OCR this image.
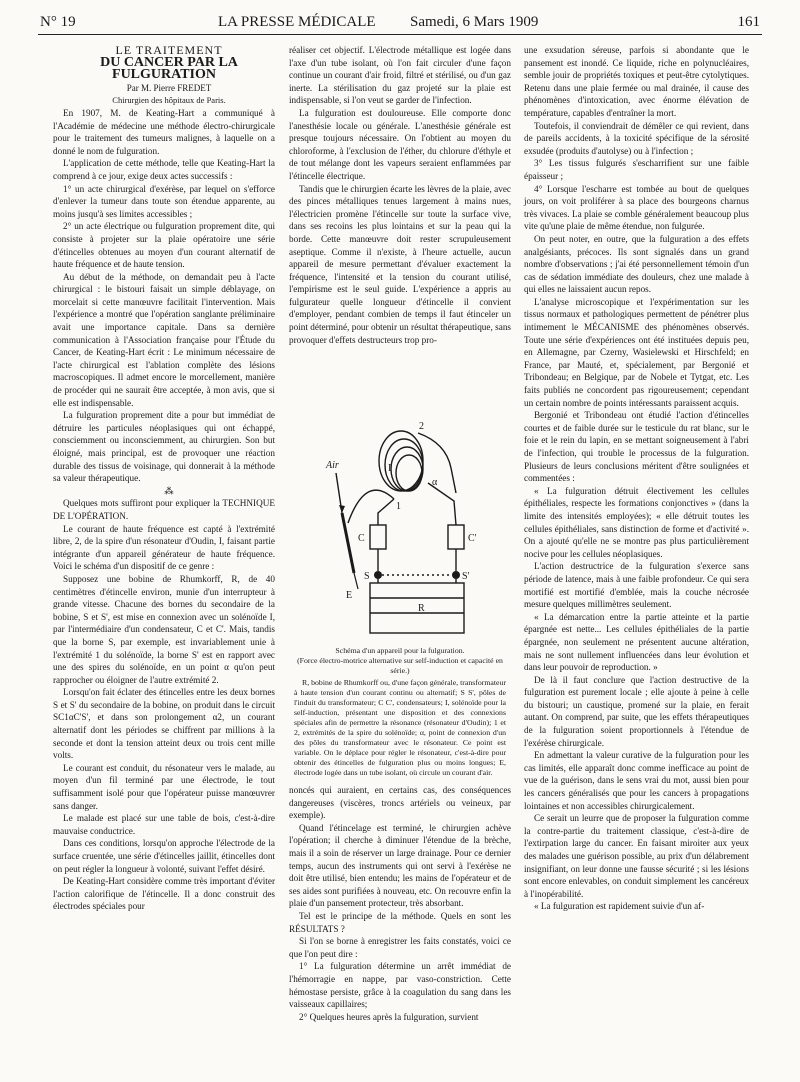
N° 19	LA PRESSE MÉDICALE Samedi, 6 Mars 1909	161

LE TRAITEMENT

DU CANCER PAR LA FULGURATION

Par M. Pierre FREDET

Chirurgien des hôpitaux de Paris.

En 1907, M. de Keating-Hart a communiqué à l'Académie de médecine une méthode électro-chirurgicale pour le traitement des tumeurs malignes, à laquelle on a donné le nom de fulguration.

L'application de cette méthode, telle que Keating-Hart la comprend à ce jour, exige deux actes successifs :

1° un acte chirurgical d'exérèse, par lequel on s'efforce d'enlever la tumeur dans toute son étendue apparente, au moins jusqu'à ses limites accessibles ;

2° un acte électrique ou fulguration proprement dite, qui consiste à projeter sur la plaie opératoire une série d'étincelles obtenues au moyen d'un courant alternatif de haute fréquence et de haute tension.

Au début de la méthode, on demandait peu à l'acte chirurgical : le bistouri faisait un simple déblayage, on morcelait si cette manœuvre facilitait l'intervention. Mais l'expérience a montré que l'opération sanglante préliminaire avait une importance capitale. Dans sa dernière communication à l'Association française pour l'Étude du Cancer, de Keating-Hart écrit : Le minimum nécessaire de l'acte chirurgical est l'ablation complète des lésions macroscopiques. Il admet encore le morcellement, manière de procéder qui ne saurait être acceptée, à mon avis, que si elle est indispensable.

La fulguration proprement dite a pour but immédiat de détruire les particules néoplasiques qui ont échappé, consciemment ou inconsciemment, au chirurgien. Son but éloigné, mais principal, est de provoquer une réaction durable des tissus de voisinage, qui donnerait à la méthode sa valeur thérapeutique.

⁂

Quelques mots suffiront pour expliquer la TECHNIQUE DE L'OPÉRATION.

Le courant de haute fréquence est capté à l'extrémité libre, 2, de la spire d'un résonateur d'Oudin, I, faisant partie intégrante d'un appareil générateur de haute fréquence. Voici le schéma d'un dispositif de ce genre :

Supposez une bobine de Rhumkorff, R, de 40 centimètres d'étincelle environ, munie d'un interrupteur à grande vitesse. Chacune des bornes du secondaire de la bobine, S et S', est mise en connexion avec un solénoïde I, par l'intermédiaire d'un condensateur, C et C'. Mais, tandis que la borne S, par exemple, est invariablement unie à l'extrémité 1 du solénoïde, la borne S' est en rapport avec une des spires du solénoïde, en un point α qu'on peut rapprocher ou éloigner de l'autre extrémité 2.

Lorsqu'on fait éclater des étincelles entre les deux bornes S et S' du secondaire de la bobine, on produit dans le circuit SC1αC'S', et dans son prolongement α2, un courant alternatif dont les périodes se chiffrent par millions à la seconde et dont la tension atteint deux ou trois cent mille volts.

Le courant est conduit, du résonateur vers le malade, au moyen d'un fil terminé par une électrode, le tout suffisamment isolé pour que l'opérateur puisse manœuvrer sans danger.

Le malade est placé sur une table de bois, c'est-à-dire mauvaise conductrice.

Dans ces conditions, lorsqu'on approche l'électrode de la surface cruentée, une série d'étincelles jaillit, étincelles dont on peut régler la longueur à volonté, suivant l'effet désiré.

De Keating-Hart considère comme très important d'éviter l'action calorifique de l'étincelle. Il a donc construit des électrodes spéciales pour

réaliser cet objectif. L'électrode métallique est logée dans l'axe d'un tube isolant, où l'on fait circuler d'une façon continue un courant d'air froid, filtré et stérilisé, ou d'un gaz inerte. La stérilisation du gaz projeté sur la plaie est indispensable, si l'on veut se garder de l'infection.

La fulguration est douloureuse. Elle comporte donc l'anesthésie locale ou générale. L'anesthésie générale est presque toujours nécessaire. On l'obtient au moyen du chloroforme, à l'exclusion de l'éther, du chlorure d'éthyle et de tout mélange dont les vapeurs seraient enflammées par l'étincelle électrique.

Tandis que le chirurgien écarte les lèvres de la plaie, avec des pinces métalliques tenues largement à mains nues, l'électricien promène l'étincelle sur toute la surface vive, dans ses recoins les plus lointains et sur la peau qui la borde. Cette manœuvre doit rester scrupuleusement aseptique. Comme il n'existe, à l'heure actuelle, aucun appareil de mesure permettant d'évaluer exactement la fréquence, l'intensité et la tension du courant utilisé, l'empirisme est le seul guide. L'expérience a appris au fulgurateur quelle longueur d'étincelle il convient d'employer, pendant combien de temps il faut étinceler un point déterminé, pour obtenir un résultat thérapeutique, sans provoquer d'effets destructeurs trop pro-

Air
2
I
α
1
C	C'
S	S'
R
E

Schéma d'un appareil pour la fulguration.

(Force électro-motrice alternative sur self-induction et capacité en série.)

R, bobine de Rhumkorff ou, d'une façon générale, transformateur à haute tension d'un courant continu ou alternatif; S S', pôles de l'induit du transformateur; C C', condensateurs; I, solénoïde pour la self-induction, présentant une disposition et des connexions spéciales afin de permettre la résonance (résonateur d'Oudin); 1 et 2, extrémités de la spire du solénoïde; α, point de connexion d'un des pôles du transformateur avec le résonateur. Ce point est variable. On le déplace pour régler le résonateur, c'est-à-dire pour obtenir des étincelles de fulguration plus ou moins longues; E, électrode logée dans un tube isolant, où circule un courant d'air.

noncés qui auraient, en certains cas, des conséquences dangereuses (viscères, troncs artériels ou veineux, par exemple).

Quand l'étincelage est terminé, le chirurgien achève l'opération; il cherche à diminuer l'étendue de la brèche, mais il a soin de réserver un large drainage. Pour ce dernier temps, aucun des instruments qui ont servi à l'exérèse ne doit être utilisé, bien entendu; les mains de l'opérateur et de ses aides sont purifiées à nouveau, etc. On recouvre enfin la plaie d'un pansement protecteur, très absorbant.

Tel est le principe de la méthode. Quels en sont les RÉSULTATS ?

Si l'on se borne à enregistrer les faits constatés, voici ce que l'on peut dire :

1° La fulguration détermine un arrêt immédiat de l'hémorragie en nappe, par vaso-constriction. Cette hémostase persiste, grâce à la coagulation du sang dans les vaisseaux capillaires;

2° Quelques heures après la fulguration, survient

une exsudation séreuse, parfois si abondante que le pansement est inondé. Ce liquide, riche en polynucléaires, semble jouir de propriétés toxiques et peut-être cytolytiques. Retenu dans une plaie fermée ou mal drainée, il cause des phénomènes d'intoxication, avec énorme élévation de température, capables d'entraîner la mort.

Toutefois, il conviendrait de démêler ce qui revient, dans de pareils accidents, à la toxicité spécifique de la sérosité exsudée (produits d'autolyse) ou à l'infection ;

3° Les tissus fulgurés s'escharrifient sur une faible épaisseur ;

4° Lorsque l'escharre est tombée au bout de quelques jours, on voit proliférer à sa place des bourgeons charnus très vivaces. La plaie se comble généralement beaucoup plus vite qu'une plaie de même étendue, non fulgurée.

On peut noter, en outre, que la fulguration a des effets analgésiants, précoces. Ils sont signalés dans un grand nombre d'observations ; j'ai été personnellement témoin d'un cas de sédation immédiate des douleurs, chez une malade à qui elles ne laissaient aucun repos.

L'analyse microscopique et l'expérimentation sur les tissus normaux et pathologiques permettent de pénétrer plus intimement le MÉCANISME des phénomènes observés. Toute une série d'expériences ont été instituées depuis peu, en Allemagne, par Czerny, Wasielewski et Hirschfeld; en France, par Mauté, et, spécialement, par Bergonié et Tribondeau; en Belgique, par de Nobele et Tytgat, etc. Les faits publiés ne concordent pas rigoureusement; cependant un certain nombre de points intéressants paraissent acquis.

Bergonié et Tribondeau ont étudié l'action d'étincelles courtes et de faible durée sur le testicule du rat blanc, sur le foie et le rein du lapin, en se mettant soigneusement à l'abri de l'infection, qui trouble le processus de la fulguration. Plusieurs de leurs conclusions méritent d'être soulignées et commentées :

« La fulguration détruit électivement les cellules épithéliales, respecte les formations conjonctives » (dans la limite des intensités employées); « elle détruit toutes les cellules épithéliales, sans distinction de forme et d'activité ». On a ajouté qu'elle ne se montre pas plus particulièrement nocive pour les cellules néoplasiques.

L'action destructrice de la fulguration s'exerce sans période de latence, mais à une faible profondeur. Ce qui sera mortifié est mortifié d'emblée, mais la couche nécrosée mesure quelques millimètres seulement.

« La démarcation entre la partie atteinte et la partie épargnée est nette... Les cellules épithéliales de la partie épargnée, non seulement ne présentent aucune altération, mais ne sont nullement influencées dans leur évolution et dans leur pouvoir de reproduction. »

De là il faut conclure que l'action destructive de la fulguration est purement locale ; elle ajoute à peine à celle du bistouri; un caustique, promené sur la plaie, en ferait autant. On comprend, par suite, que les effets thérapeutiques de la fulguration soient proportionnels à l'étendue de l'exérèse chirurgicale.

En admettant la valeur curative de la fulguration pour les cas limités, elle apparaît donc comme inefficace au point de vue de la guérison, dans le sens vrai du mot, aussi bien pour les cancers généralisés que pour les cancers à propagations lointaines et non accessibles chirurgicalement.

Ce serait un leurre que de proposer la fulguration comme la contre-partie du traitement classique, c'est-à-dire de l'extirpation large du cancer. En faisant miroiter aux yeux des malades une guérison possible, au prix d'un délabrement insignifiant, on leur donne une fausse sécurité ; si les lésions sont encore enlevables, on conduit simplement les cancéreux à l'inopérabilité.

« La fulguration est rapidement suivie d'un af-
